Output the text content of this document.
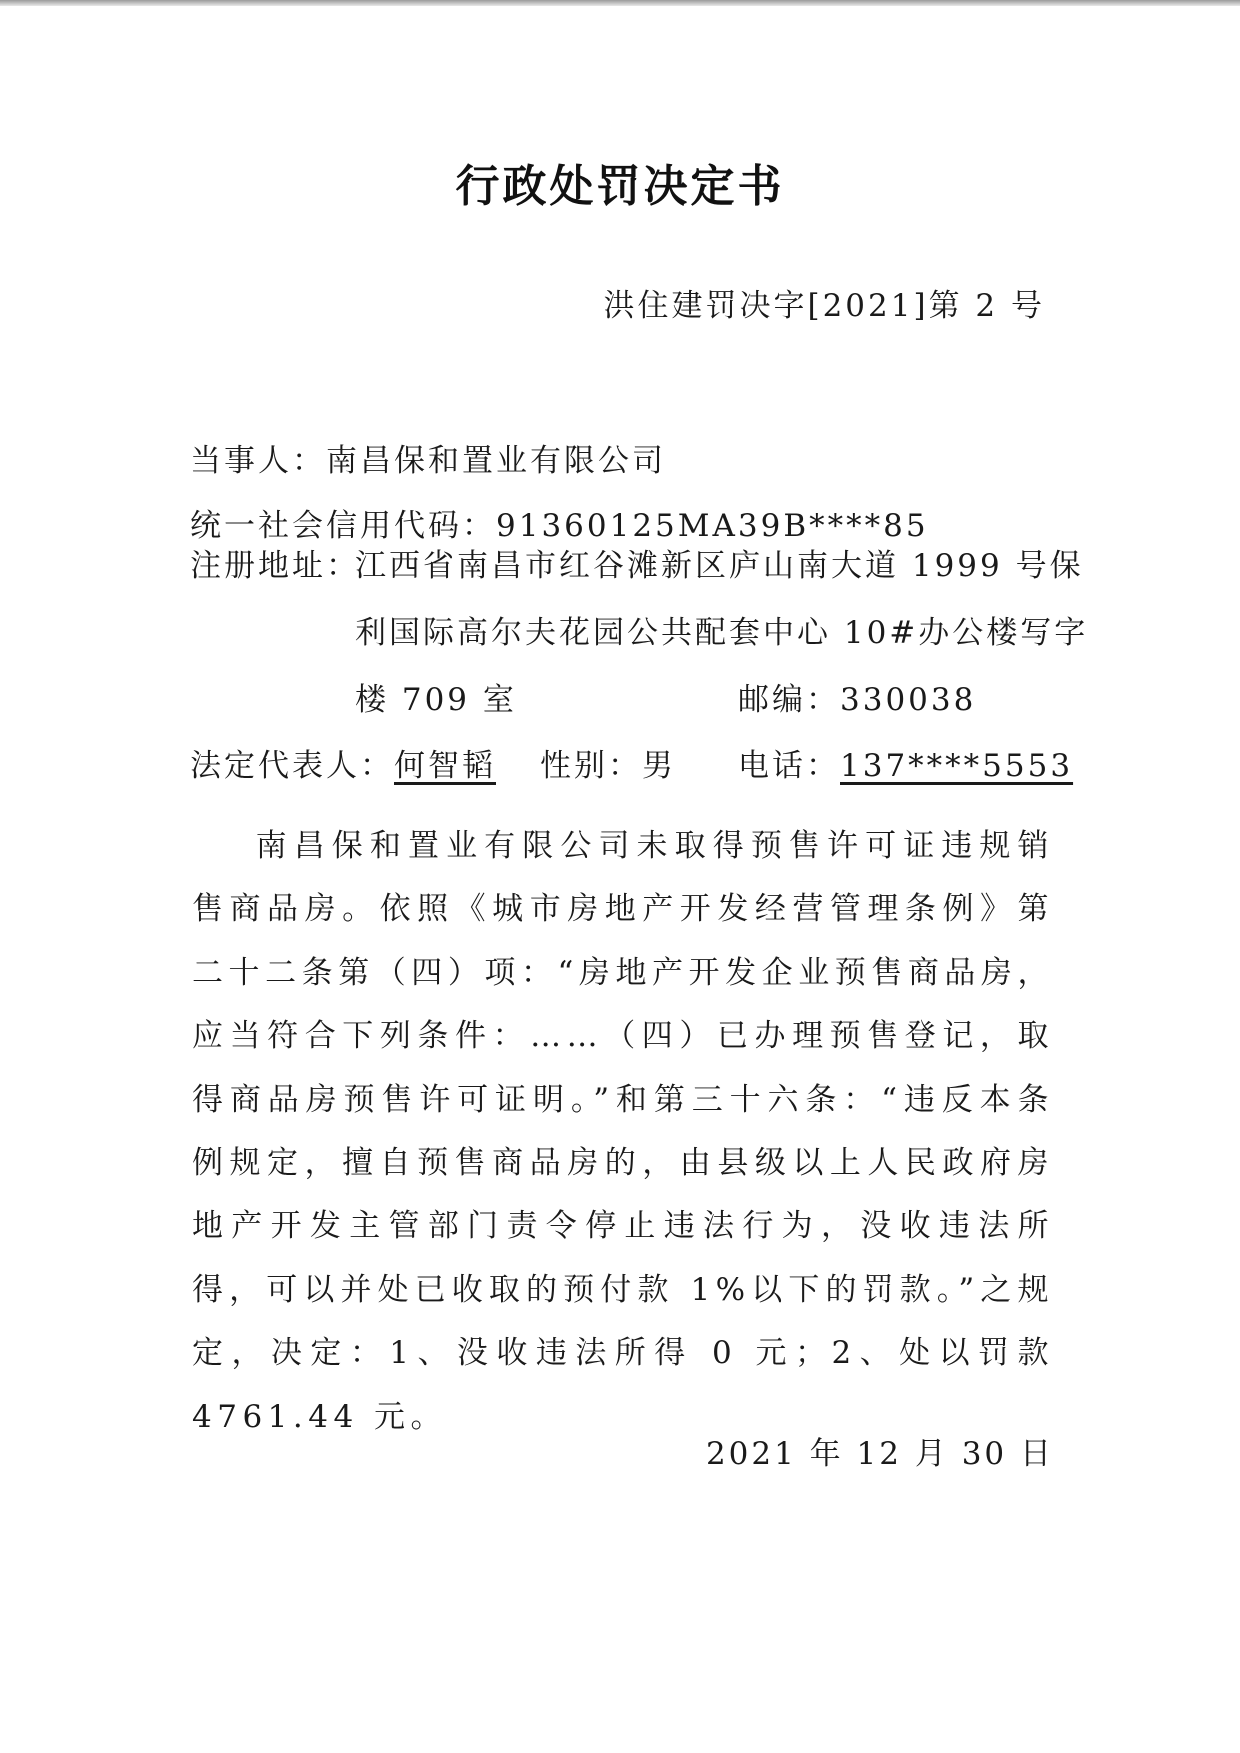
行政处罚决定书
洪住建罚决字[2021]第 2 号
当事人：南昌保和置业有限公司
统一社会信用代码：91360125MA39B****85
注册地址：
江西省南昌市红谷滩新区庐山南大道 1999 号保
利国际高尔夫花园公共配套中心 10#办公楼写字
楼 709 室	邮编：330038
法定代表人：何智韬 性别：男 电话：137****5553
南昌保和置业有限公司未取得预售许可证违规销售商品房。依照《城市房地产开发经营管理条例》第二十二条第（四）项：“房地产开发企业预售商品房，应当符合下列条件：……（四）已办理预售登记，取得商品房预售许可证明。”和第三十六条：“违反本条例规定，擅自预售商品房的，由县级以上人民政府房地产开发主管部门责令停止违法行为，没收违法所得，可以并处已收取的预付款 1%以下的罚款。”之规定，决定：1、没收违法所得 0 元；2、处以罚款 4761.44 元。
2021 年 12 月 30 日
